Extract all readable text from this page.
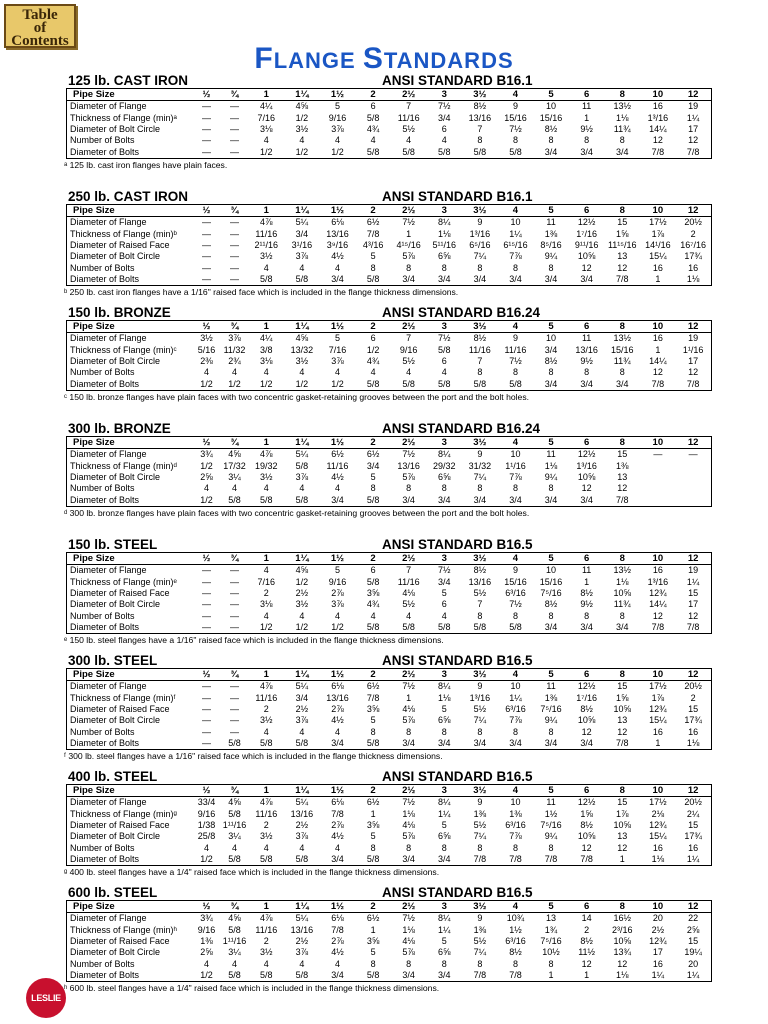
Table
of
Contents
FLANGE STANDARDS
125 lb. CAST IRON	ANSI STANDARD B16.1
Pipe Size	½	¾	1	1¼	1½	2	2½	3	3½	4	5	6	8	10	12
Diameter of Flange	—	—	4¼	4⅝	5	6	7	7½	8½	9	10	11	13½	16	19
Thickness of Flange (min)ᵃ	—	—	7/16	1/2	9/16	5/8	11/16	3/4	13/16	15/16	15/16	1	1⅛	1³/16	1¼
Diameter of Bolt Circle	—	—	3⅛	3½	3⅞	4¾	5½	6	7	7½	8½	9½	11¾	14¼	17
Number of Bolts	—	—	4	4	4	4	4	4	8	8	8	8	8	12	12
Diameter of Bolts	—	—	1/2	1/2	1/2	5/8	5/8	5/8	5/8	5/8	3/4	3/4	3/4	7/8	7/8
ᵃ 125 lb. cast iron flanges have plain faces.
250 lb. CAST IRON	ANSI STANDARD B16.1
Pipe Size	½	¾	1	1¼	1½	2	2½	3	3½	4	5	6	8	10	12
Diameter of Flange	—	—	4⅞	5¼	6⅛	6½	7½	8¼	9	10	11	12½	15	17½	20½
Thickness of Flange (min)ᵇ	—	—	11/16	3/4	13/16	7/8	1	1⅛	1³/16	1¼	1⅜	1⁷/16	1⅝	1⅞	2
Diameter of Raised Face	—	—	2¹¹/16	3¹/16	3⁹/16	4³/16	4¹⁵/16	5¹¹/16	6⁵/16	6¹⁵/16	8⁵/16	9¹¹/16	11¹⁵/16	14¹/16	16⁷/16
Diameter of Bolt Circle	—	—	3½	3⅞	4½	5	5⅞	6⅝	7¼	7⅞	9¼	10⅝	13	15¼	17¾
Number of Bolts	—	—	4	4	4	8	8	8	8	8	8	12	12	16	16
Diameter of Bolts	—	—	5/8	5/8	3/4	5/8	3/4	3/4	3/4	3/4	3/4	3/4	7/8	1	1⅛
ᵇ 250 lb. cast iron flanges have a 1/16" raised face which is included in the flange thickness dimensions.
150 lb. BRONZE	ANSI STANDARD B16.24
Pipe Size	½	¾	1	1¼	1½	2	2½	3	3½	4	5	6	8	10	12
Diameter of Flange	3½	3⅞	4¼	4⅝	5	6	7	7½	8½	9	10	11	13½	16	19
Thickness of Flange (min)ᶜ	5/16	11/32	3/8	13/32	7/16	1/2	9/16	5/8	11/16	11/16	3/4	13/16	15/16	1	1¹/16
Diameter of Bolt Circle	2⅜	2¾	3⅛	3½	3⅞	4¾	5½	6	7	7½	8½	9½	11¾	14¼	17
Number of Bolts	4	4	4	4	4	4	4	4	8	8	8	8	8	12	12
Diameter of Bolts	1/2	1/2	1/2	1/2	1/2	5/8	5/8	5/8	5/8	5/8	3/4	3/4	3/4	7/8	7/8
ᶜ 150 lb. bronze flanges have plain faces with two concentric gasket-retaining grooves between the port and the bolt holes.
300 lb. BRONZE	ANSI STANDARD B16.24
Pipe Size	½	¾	1	1¼	1½	2	2½	3	3½	4	5	6	8	10	12
Diameter of Flange	3¾	4⅝	4⅞	5¼	6½	6½	7½	8¼	9	10	11	12½	15	—	—
Thickness of Flange (min)ᵈ	1/2	17/32	19/32	5/8	11/16	3/4	13/16	29/32	31/32	1¹/16	1⅛	1³/16	1⅜		
Diameter of Bolt Circle	2⅝	3¼	3½	3⅞	4½	5	5⅞	6⅝	7¼	7⅞	9¼	10⅝	13		
Number of Bolts	4	4	4	4	4	8	8	8	8	8	8	12	12		
Diameter of Bolts	1/2	5/8	5/8	5/8	3/4	5/8	3/4	3/4	3/4	3/4	3/4	3/4	7/8		
ᵈ 300 lb. bronze flanges have plain faces with two concentric gasket-retaining grooves between the port and the bolt holes.
150 lb. STEEL	ANSI STANDARD B16.5
Pipe Size	½	¾	1	1¼	1½	2	2½	3	3½	4	5	6	8	10	12
Diameter of Flange	—	—	4	4⅝	5	6	7	7½	8½	9	10	11	13½	16	19
Thickness of Flange (min)ᵉ	—	—	7/16	1/2	9/16	5/8	11/16	3/4	13/16	15/16	15/16	1	1⅛	1³/16	1¼
Diameter of Raised Face	—	—	2	2½	2⅞	3⅝	4⅛	5	5½	6³/16	7⁵/16	8½	10⅝	12¾	15
Diameter of Bolt Circle	—	—	3⅛	3½	3⅞	4¾	5½	6	7	7½	8½	9½	11¾	14¼	17
Number of Bolts	—	—	4	4	4	4	4	4	8	8	8	8	8	12	12
Diameter of Bolts	—	—	1/2	1/2	1/2	5/8	5/8	5/8	5/8	5/8	3/4	3/4	3/4	7/8	7/8
ᵉ 150 lb. steel flanges have a 1/16" raised face which is included in the flange thickness dimensions.
300 lb. STEEL	ANSI STANDARD B16.5
Pipe Size	½	¾	1	1¼	1½	2	2½	3	3½	4	5	6	8	10	12
Diameter of Flange	—	—	4⅞	5¼	6⅛	6½	7½	8¼	9	10	11	12½	15	17½	20½
Thickness of Flange (min)ᶠ	—	—	11/16	3/4	13/16	7/8	1	1⅛	1³/16	1¼	1⅜	1⁷/16	1⅝	1⅞	2
Diameter of Raised Face	—	—	2	2½	2⅞	3⅝	4⅛	5	5½	6³/16	7⁵/16	8½	10⅝	12¾	15
Diameter of Bolt Circle	—	—	3½	3⅞	4½	5	5⅞	6⅝	7¼	7⅞	9¼	10⅝	13	15¼	17¾
Number of Bolts	—	—	4	4	4	8	8	8	8	8	8	12	12	16	16
Diameter of Bolts	—	5/8	5/8	5/8	3/4	5/8	3/4	3/4	3/4	3/4	3/4	3/4	7/8	1	1⅛
ᶠ 300 lb. steel flanges have a 1/16" raised face which is included in the flange thickness dimensions.
400 lb. STEEL	ANSI STANDARD B16.5
Pipe Size	½	¾	1	1¼	1½	2	2½	3	3½	4	5	6	8	10	12
Diameter of Flange	33/4	4⅝	4⅞	5¼	6⅛	6½	7½	8¼	9	10	11	12½	15	17½	20½
Thickness of Flange (min)ᵍ	9/16	5/8	11/16	13/16	7/8	1	1⅛	1¼	1⅜	1⅜	1½	1⅝	1⅞	2⅛	2¼
Diameter of Raised Face	1/38	1¹¹/16	2	2½	2⅞	3⅝	4⅛	5	5½	6³/16	7⁵/16	8½	10⅝	12¾	15
Diameter of Bolt Circle	25/8	3¼	3½	3⅞	4½	5	5⅞	6⅝	7¼	7⅞	9¼	10⅝	13	15¼	17¾
Number of Bolts	4	4	4	4	4	8	8	8	8	8	8	12	12	16	16
Diameter of Bolts	1/2	5/8	5/8	5/8	3/4	5/8	3/4	3/4	7/8	7/8	7/8	7/8	1	1⅛	1¼
ᵍ 400 lb. steel flanges have a 1/4" raised face which is included in the flange thickness dimensions.
600 lb. STEEL	ANSI STANDARD B16.5
Pipe Size	½	¾	1	1¼	1½	2	2½	3	3½	4	5	6	8	10	12
Diameter of Flange	3¾	4⅝	4⅞	5¼	6⅛	6½	7½	8¼	9	10¾	13	14	16½	20	22
Thickness of Flange (min)ʰ	9/16	5/8	11/16	13/16	7/8	1	1⅛	1¼	1⅜	1½	1¾	2	2³/16	2½	2⅝
Diameter of Raised Face	1⅜	1¹¹/16	2	2½	2⅞	3⅝	4⅛	5	5½	6³/16	7⁵/16	8½	10⅝	12¾	15
Diameter of Bolt Circle	2⅝	3¼	3½	3⅞	4½	5	5⅞	6⅝	7¼	8½	10½	11½	13¾	17	19¼
Number of Bolts	4	4	4	4	4	8	8	8	8	8	8	12	12	16	20
Diameter of Bolts	1/2	5/8	5/8	5/8	3/4	5/8	3/4	3/4	7/8	7/8	1	1	1⅛	1¼	1¼
ʰ 600 lb. steel flanges have a 1/4" raised face which is included in the flange thickness dimensions.
LESLIE
